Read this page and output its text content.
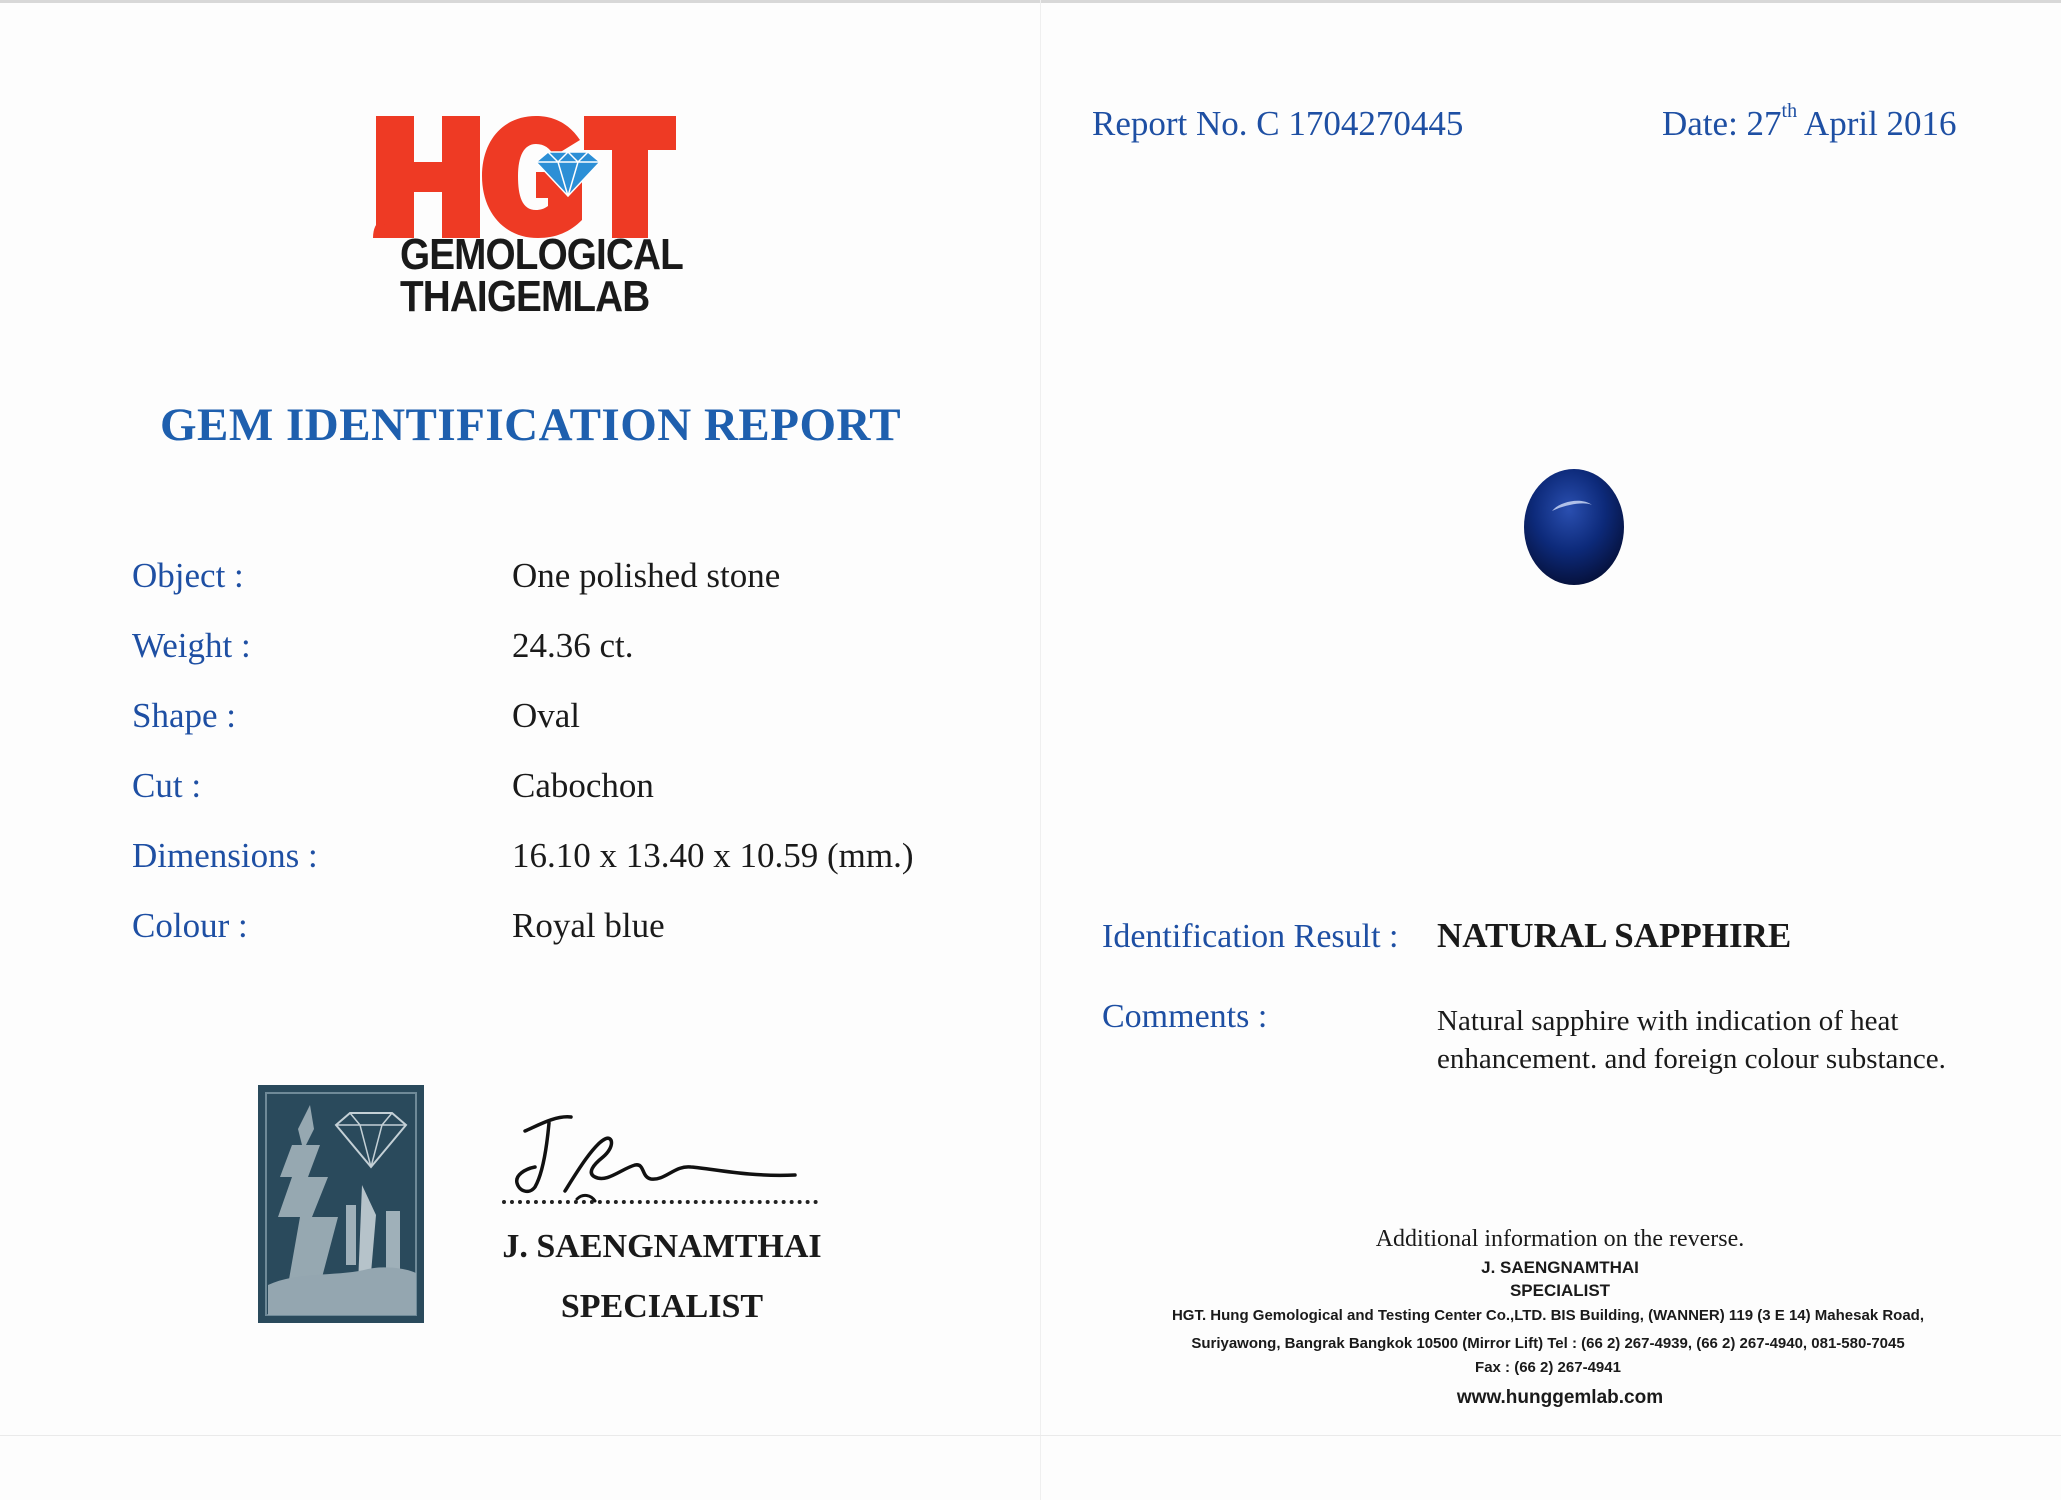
GEMOLOGICAL
THAIGEMLAB
GEM IDENTIFICATION REPORT
Object :	One polished stone
Weight :	24.36 ct.
Shape :	Oval
Cut :	Cabochon
Dimensions :	16.10 x 13.40 x 10.59 (mm.)
Colour :	Royal blue
J. SAENGNAMTHAI
SPECIALIST
Report No. C 1704270445	Date: 27th April 2016
Identification Result : NATURAL SAPPHIRE
Comments :	Natural sapphire with indication of heat
enhancement. and foreign colour substance.
Additional information on the reverse.
J. SAENGNAMTHAI
SPECIALIST
HGT. Hung Gemological and Testing Center Co.,LTD. BIS Building, (WANNER) 119 (3 E 14) Mahesak Road,
Suriyawong, Bangrak Bangkok 10500 (Mirror Lift) Tel : (66 2) 267-4939, (66 2) 267-4940, 081-580-7045
Fax : (66 2) 267-4941
www.hunggemlab.com
